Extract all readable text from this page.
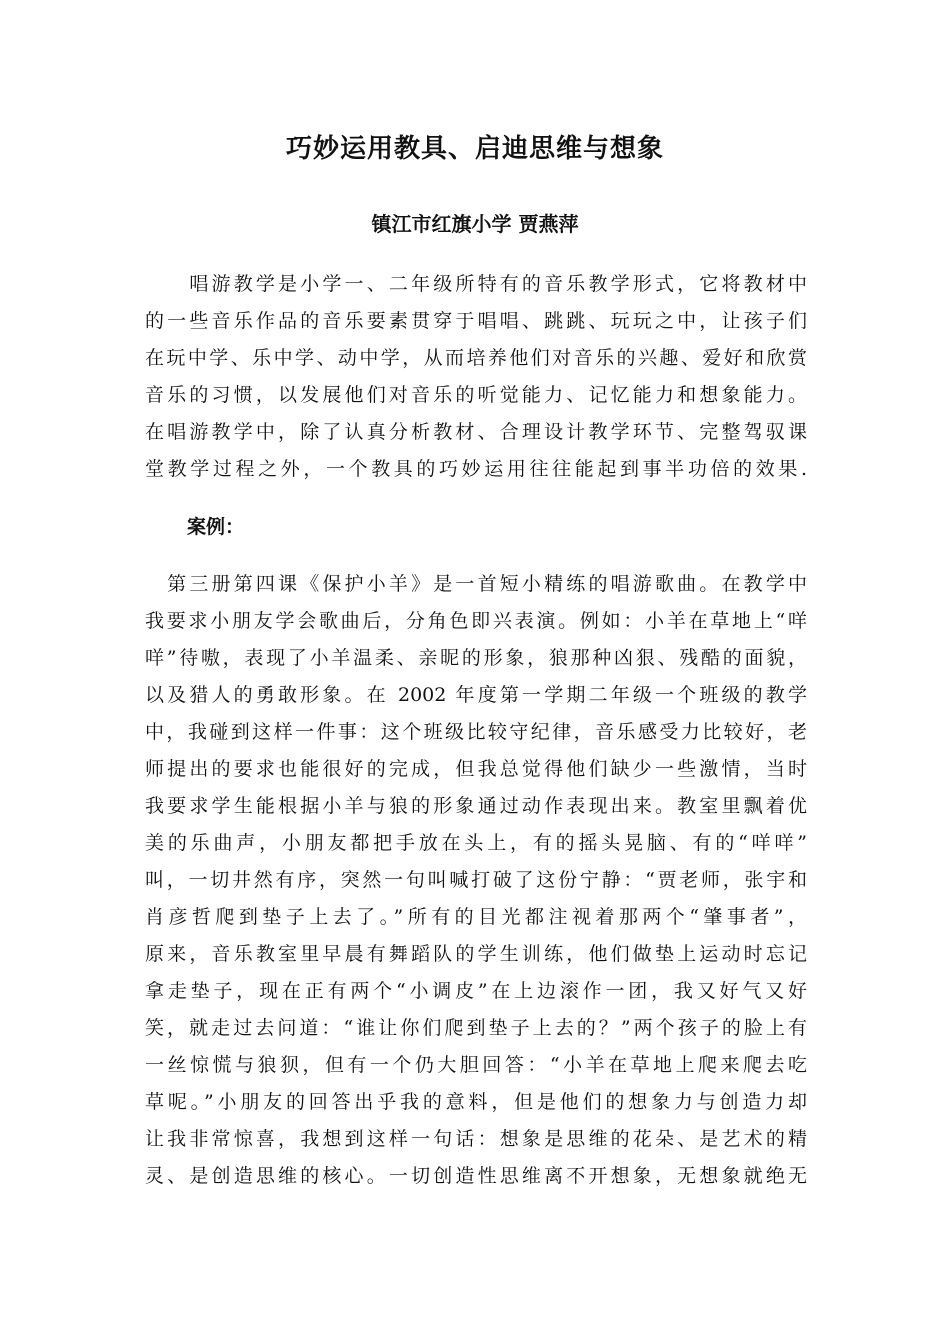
巧妙运用教具、启迪思维与想象
镇江市红旗小学 贾燕萍
　　唱游教学是小学一、二年级所特有的音乐教学形式，它将教材中
的一些音乐作品的音乐要素贯穿于唱唱、跳跳、玩玩之中，让孩子们
在玩中学、乐中学、动中学，从而培养他们对音乐的兴趣、爱好和欣赏
音乐的习惯，以发展他们对音乐的听觉能力、记忆能力和想象能力。
在唱游教学中，除了认真分析教材、合理设计教学环节、完整驾驭课
堂教学过程之外，一个教具的巧妙运用往往能起到事半功倍的效果.
案例：
　第三册第四课《保护小羊》是一首短小精练的唱游歌曲。在教学中
我要求小朋友学会歌曲后，分角色即兴表演。例如：小羊在草地上“咩
咩”待嗷，表现了小羊温柔、亲昵的形象，狼那种凶狠、残酷的面貌，
以及猎人的勇敢形象。在 2002 年度第一学期二年级一个班级的教学
中，我碰到这样一件事：这个班级比较守纪律，音乐感受力比较好，老
师提出的要求也能很好的完成，但我总觉得他们缺少一些激情，当时
我要求学生能根据小羊与狼的形象通过动作表现出来。教室里飘着优
美的乐曲声，小朋友都把手放在头上，有的摇头晃脑、有的“咩咩”
叫，一切井然有序，突然一句叫喊打破了这份宁静：“贾老师，张宇和
肖彦哲爬到垫子上去了。”所有的目光都注视着那两个“肇事者”，
原来，音乐教室里早晨有舞蹈队的学生训练，他们做垫上运动时忘记
拿走垫子，现在正有两个“小调皮”在上边滚作一团，我又好气又好
笑，就走过去问道：“谁让你们爬到垫子上去的？”两个孩子的脸上有
一丝惊慌与狼狈，但有一个仍大胆回答：“小羊在草地上爬来爬去吃
草呢。”小朋友的回答出乎我的意料，但是他们的想象力与创造力却
让我非常惊喜，我想到这样一句话：想象是思维的花朵、是艺术的精
灵、是创造思维的核心。一切创造性思维离不开想象，无想象就绝无
